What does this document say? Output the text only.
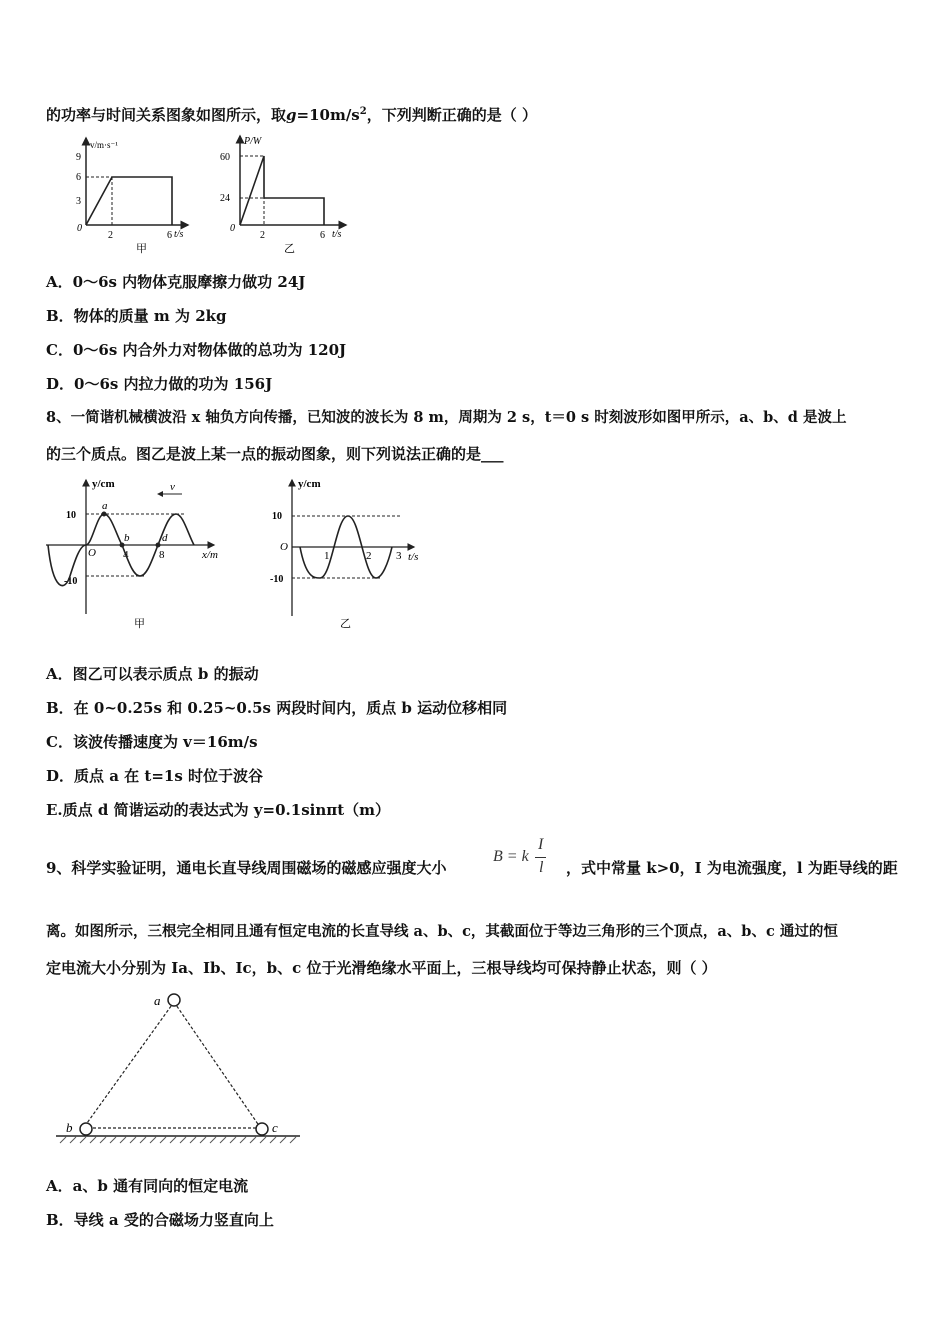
的功率与时间关系图象如图所示，取$g=10m/s^2$，下列判断正确的是（ ）
v/m·s⁻¹
t/s
0
9
6
3
2	6
甲
P/W
t/s
0
60
24
2	6
乙
A．0～6s 内物体克服摩擦力做功 24J
B．物体的质量 m 为 2kg
C．0～6s 内合外力对物体做的总功为 120J
D．0～6s 内拉力做的功为 156J
8、一简谐机械横波沿 x 轴负方向传播，已知波的波长为 8 m，周期为 2 s，t＝0 s 时刻波形如图甲所示，a、b、d 是波上
的三个质点。图乙是波上某一点的振动图象，则下列说法正确的是___
y/cm
x/m
O
10
-10
4	8
a
b	d
v
甲
y/cm
t/s
O
10
-10
1	2 3
乙
A．图乙可以表示质点 b 的振动
B．在 0~0.25s 和 0.25~0.5s 两段时间内，质点 b 运动位移相同
C．该波传播速度为 v＝16m/s
D．质点 a 在 t=1s 时位于波谷
E.质点 d 简谐运动的表达式为 y=0.1sinπt（m）
9、科学实验证明，通电长直导线周围磁场的磁感应强度大小
B = k
I
l ，式中常量 k>0，I 为电流强度，l 为距导线的距
离。如图所示，三根完全相同且通有恒定电流的长直导线 a、b、c，其截面位于等边三角形的三个顶点，a、b、c 通过的恒
定电流大小分别为 Ia、Ib、Ic，b、c 位于光滑绝缘水平面上，三根导线均可保持静止状态，则（ ）
a
b	c
A．a、b 通有同向的恒定电流
B．导线 a 受的合磁场力竖直向上
